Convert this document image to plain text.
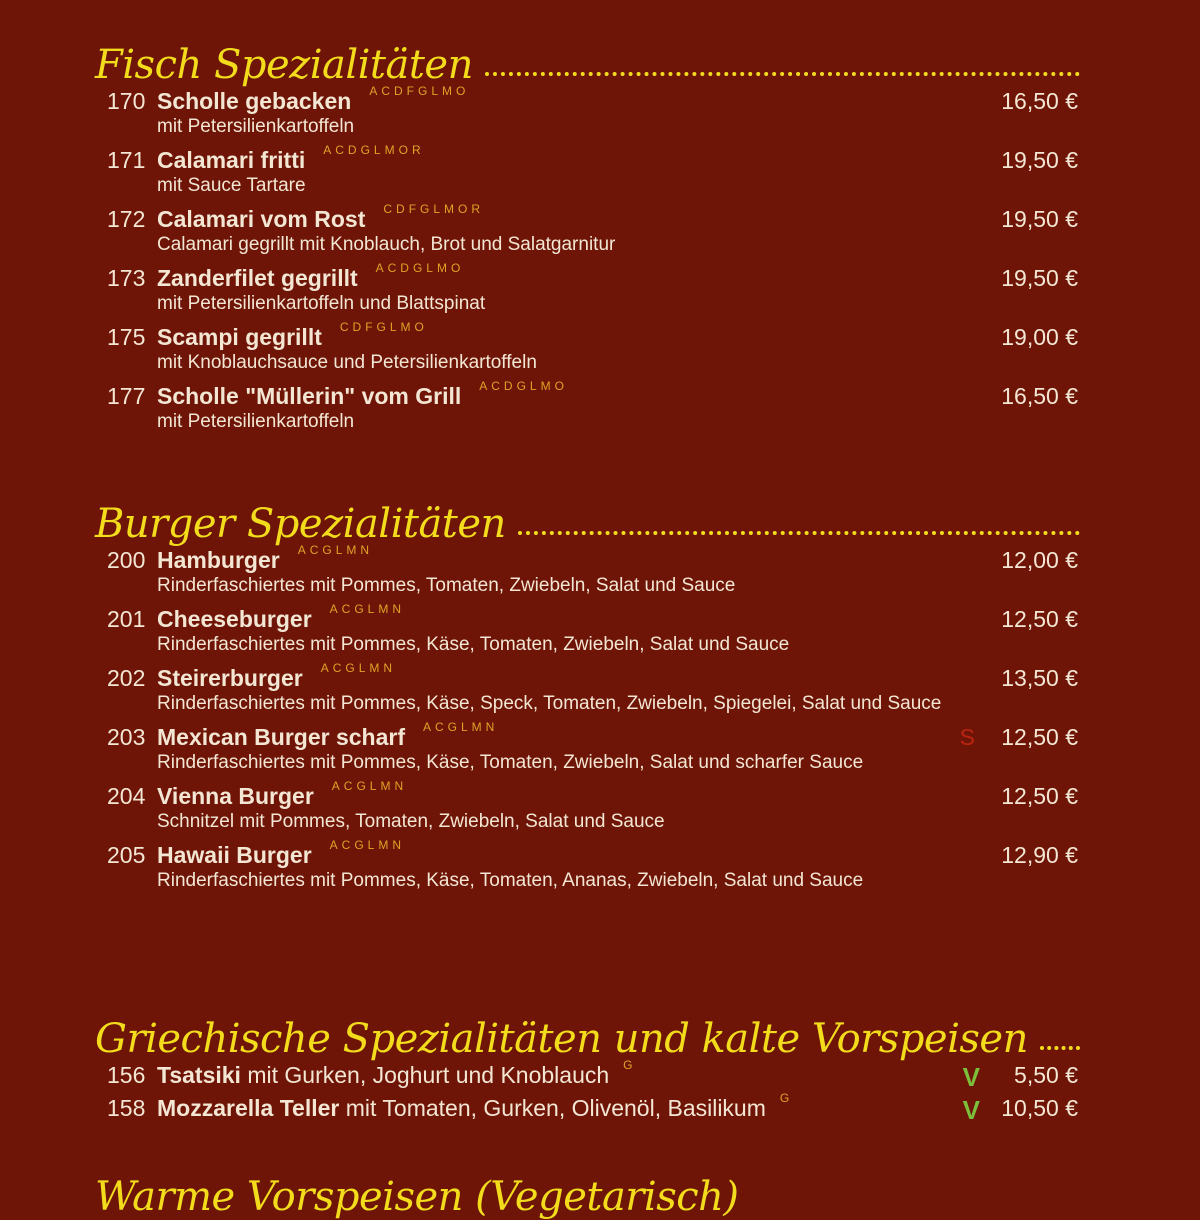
Fisch Spezialitäten
170 Scholle gebacken $^{ACDFGLMO}$
mit Petersilienkartoffeln
16,50 €
171 Calamari fritti $^{ACDGLMOR}$
mit Sauce Tartare
19,50 €
172 Calamari vom Rost $^{CDFGLMOR}$
Calamari gegrillt mit Knoblauch, Brot und Salatgarnitur
19,50 €
173 Zanderfilet gegrillt $^{ACDGLMO}$
mit Petersilienkartoffeln und Blattspinat
19,50 €
175 Scampi gegrillt $^{CDFGLMO}$
mit Knoblauchsauce und Petersilienkartoffeln
19,00 €
177 Scholle "Müllerin" vom Grill $^{ACDGLMO}$
mit Petersilienkartoffeln
16,50 €
Burger Spezialitäten
200 Hamburger $^{ACGLMN}$
Rinderfaschiertes mit Pommes, Tomaten, Zwiebeln, Salat und Sauce
12,00 €
201 Cheeseburger $^{ACGLMN}$
Rinderfaschiertes mit Pommes, Käse, Tomaten, Zwiebeln, Salat und Sauce
12,50 €
202 Steirerburger $^{ACGLMN}$
Rinderfaschiertes mit Pommes, Käse, Speck, Tomaten, Zwiebeln, Spiegelei, Salat und Sauce
13,50 €
203 Mexican Burger scharf $^{ACGLMN}$	S
Rinderfaschiertes mit Pommes, Käse, Tomaten, Zwiebeln, Salat und scharfer Sauce
12,50 €
204 Vienna Burger $^{ACGLMN}$
Schnitzel mit Pommes, Tomaten, Zwiebeln, Salat und Sauce
12,50 €
205 Hawaii Burger $^{ACGLMN}$
Rinderfaschiertes mit Pommes, Käse, Tomaten, Ananas, Zwiebeln, Salat und Sauce
12,90 €
Griechische Spezialitäten und kalte Vorspeisen
156 Tsatsiki mit Gurken, Joghurt und Knoblauch $^G$	V 5,50 €
158 Mozzarella Teller mit Tomaten, Gurken, Olivenöl, Basilikum $^G$	V 10,50 €
Warme Vorspeisen (Vegetarisch)
